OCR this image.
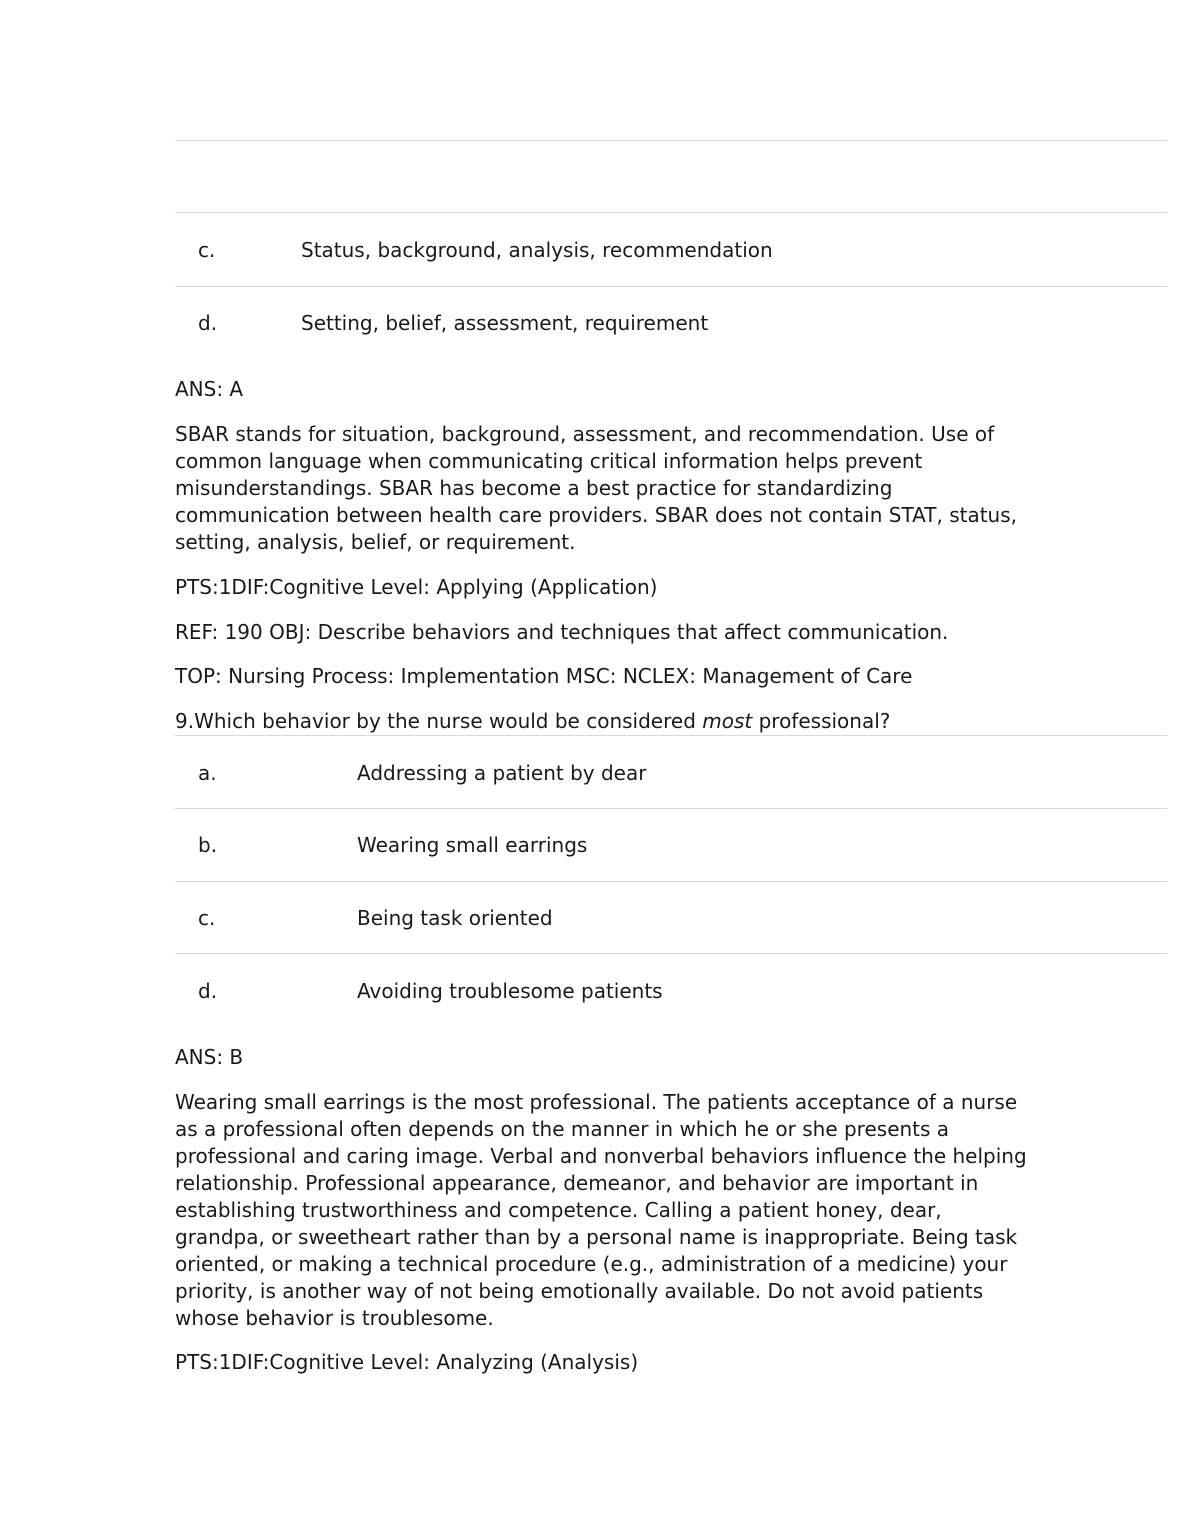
c.	Status, background, analysis, recommendation
d.	Setting, belief, assessment, requirement

ANS: A

SBAR stands for situation, background, assessment, and recommendation. Use of common language when communicating critical information helps prevent misunderstandings. SBAR has become a best practice for standardizing communication between health care providers. SBAR does not contain STAT, status, setting, analysis, belief, or requirement.

PTS:1DIF:Cognitive Level: Applying (Application)

REF: 190 OBJ: Describe behaviors and techniques that affect communication.

TOP: Nursing Process: Implementation MSC: NCLEX: Management of Care

9.Which behavior by the nurse would be considered most professional?

a.	Addressing a patient by dear
b.	Wearing small earrings
c.	Being task oriented
d.	Avoiding troublesome patients

ANS: B

Wearing small earrings is the most professional. The patients acceptance of a nurse as a professional often depends on the manner in which he or she presents a professional and caring image. Verbal and nonverbal behaviors influence the helping relationship. Professional appearance, demeanor, and behavior are important in establishing trustworthiness and competence. Calling a patient honey, dear, grandpa, or sweetheart rather than by a personal name is inappropriate. Being task oriented, or making a technical procedure (e.g., administration of a medicine) your priority, is another way of not being emotionally available. Do not avoid patients whose behavior is troublesome.

PTS:1DIF:Cognitive Level: Analyzing (Analysis)
